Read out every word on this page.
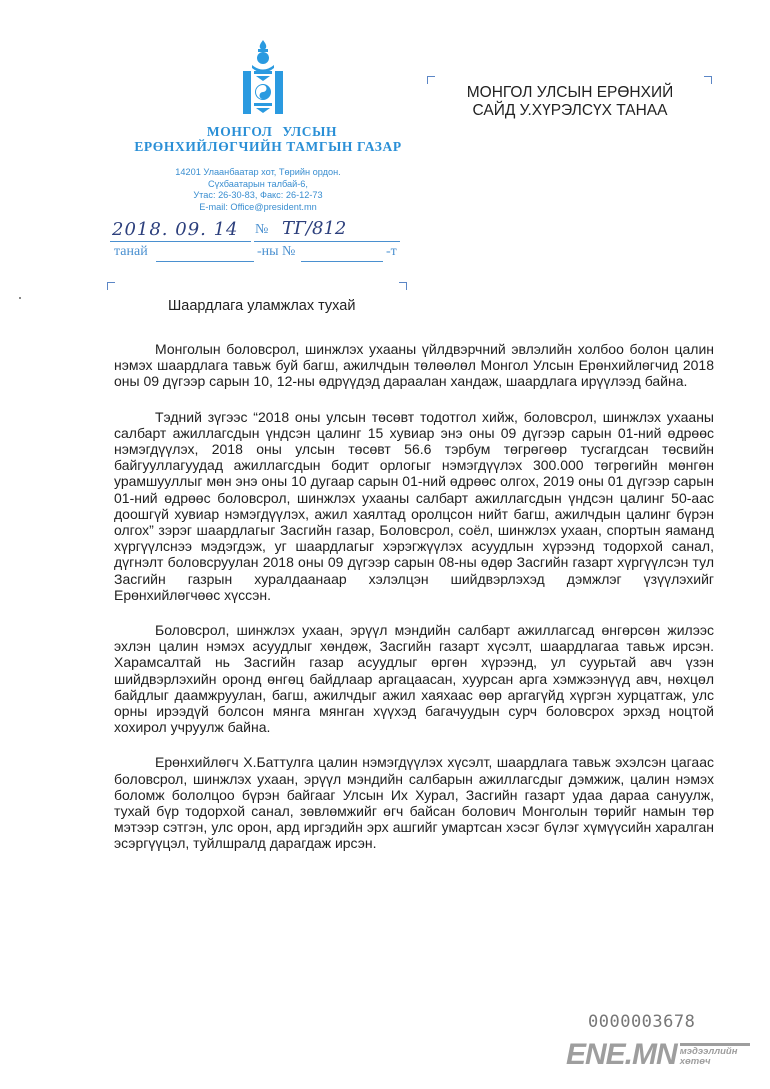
МОНГОЛ УЛСЫН
ЕРӨНХИЙЛӨГЧИЙН ТАМГЫН ГАЗАР
14201 Улаанбаатар хот, Төрийн ордон.
Сүхбаатарын талбай-6,
Утас: 26-30-83, Факс: 26-12-73
E-mail: Office@president.mn
2018. 09. 14 № ТГ/812
танай	-ны №	-т
МОНГОЛ УЛСЫН ЕРӨНХИЙ
САЙД У.ХҮРЭЛСҮХ ТАНАА
Шаардлага уламжлах тухай

Монголын боловсрол, шинжлэх ухааны үйлдвэрчний эвлэлийн холбоо болон цалин нэмэх шаардлага тавьж буй багш, ажилчдын төлөөлөл Монгол Улсын Ерөнхийлөгчид 2018 оны 09 дүгээр сарын 10, 12-ны өдрүүдэд дараалан хандаж, шаардлага ирүүлээд байна.

Тэдний зүгээс “2018 оны улсын төсөвт тодотгол хийж, боловсрол, шинжлэх ухааны салбарт ажиллагсдын үндсэн цалинг 15 хувиар энэ оны 09 дүгээр сарын 01-ний өдрөөс нэмэгдүүлэх, 2018 оны улсын төсөвт 56.6 тэрбум төгрөгөөр тусгагдсан төсвийн байгууллагуудад ажиллагсдын бодит орлогыг нэмэгдүүлэх 300.000 төгрөгийн мөнгөн урамшууллыг мөн энэ оны 10 дугаар сарын 01-ний өдрөөс олгох, 2019 оны 01 дүгээр сарын 01-ний өдрөөс боловсрол, шинжлэх ухааны салбарт ажиллагсдын үндсэн цалинг 50-аас доошгүй хувиар нэмэгдүүлэх, ажил хаялтад оролцсон нийт багш, ажилчдын цалинг бүрэн олгох” зэрэг шаардлагыг Засгийн газар, Боловсрол, соёл, шинжлэх ухаан, спортын яаманд хүргүүлснээ мэдэгдэж, уг шаардлагыг хэрэгжүүлэх асуудлын хүрээнд тодорхой санал, дүгнэлт боловсруулан 2018 оны 09 дүгээр сарын 08-ны өдөр Засгийн газарт хүргүүлсэн тул Засгийн газрын хуралдаанаар хэлэлцэн шийдвэрлэхэд дэмжлэг үзүүлэхийг Ерөнхийлөгчөөс хүссэн.

Боловсрол, шинжлэх ухаан, эрүүл мэндийн салбарт ажиллагсад өнгөрсөн жилээс эхлэн цалин нэмэх асуудлыг хөндөж, Засгийн газарт хүсэлт, шаардлагаа тавьж ирсэн. Харамсалтай нь Засгийн газар асуудлыг өргөн хүрээнд, ул суурьтай авч үзэн шийдвэрлэхийн оронд өнгөц байдлаар аргацаасан, хуурсан арга хэмжээнүүд авч, нөхцөл байдлыг даамжруулан, багш, ажилчдыг ажил хаяхаас өөр аргагүйд хүргэн хурцатгаж, улс орны ирээдүй болсон мянга мянган хүүхэд багачуудын сурч боловсрох эрхэд ноцтой хохирол учруулж байна.

Ерөнхийлөгч Х.Баттулга цалин нэмэгдүүлэх хүсэлт, шаардлага тавьж эхэлсэн цагаас боловсрол, шинжлэх ухаан, эрүүл мэндийн салбарын ажиллагсдыг дэмжиж, цалин нэмэх боломж бололцоо бүрэн байгааг Улсын Их Хурал, Засгийн газарт удаа дараа сануулж, тухай бүр тодорхой санал, зөвлөмжийг өгч байсан болович Монголын төрийг намын төр мэтээр сэтгэн, улс орон, ард иргэдийн эрх ашгийг умартсан хэсэг бүлэг хүмүүсийн харалган эсэргүүцэл, туйлшралд дарагдаж ирсэн.

0000003678
ENE.MN мэдээллийн
хөтөч
